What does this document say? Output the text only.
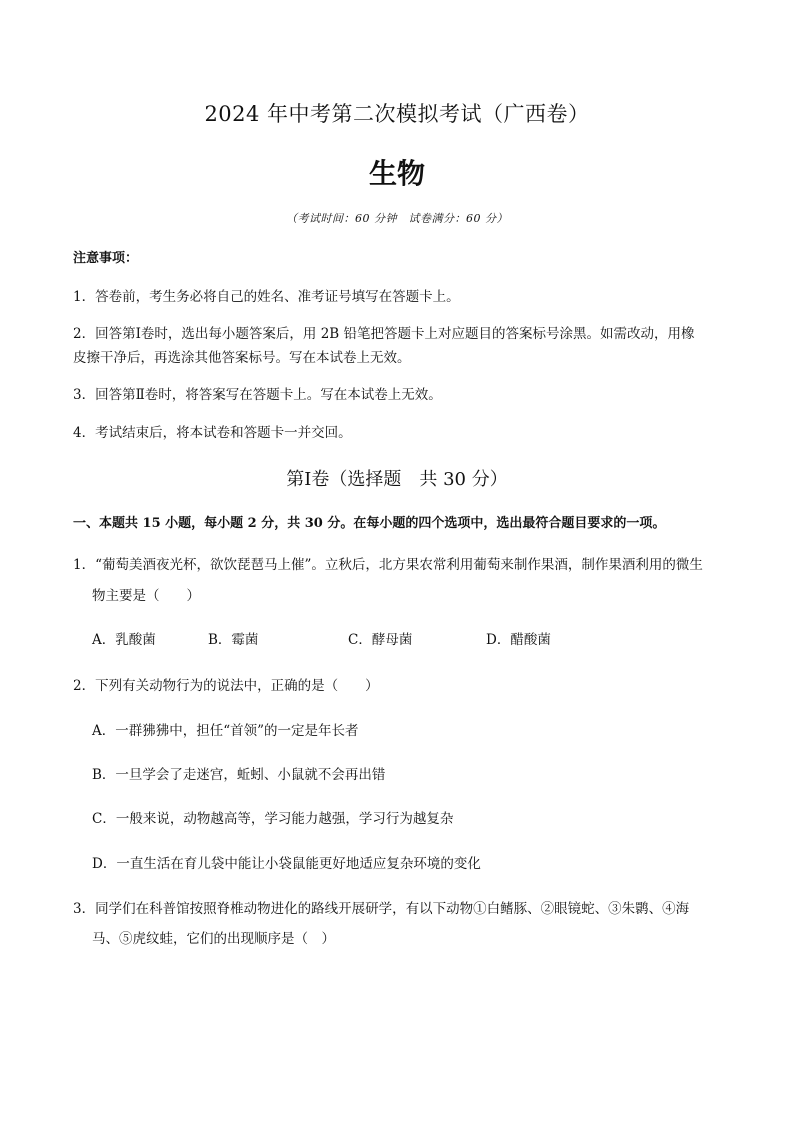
2024 年中考第二次模拟考试（广西卷）
生物
（考试时间：60 分钟　试卷满分：60 分）
注意事项：
1．答卷前，考生务必将自己的姓名、准考证号填写在答题卡上。
2．回答第Ⅰ卷时，选出每小题答案后，用 2B 铅笔把答题卡上对应题目的答案标号涂黑。如需改动，用橡
皮擦干净后，再选涂其他答案标号。写在本试卷上无效。
3．回答第Ⅱ卷时，将答案写在答题卡上。写在本试卷上无效。
4．考试结束后，将本试卷和答题卡一并交回。
第Ⅰ卷（选择题　共 30 分）
一、本题共 15 小题，每小题 2 分，共 30 分。在每小题的四个选项中，选出最符合题目要求的一项。
1．“葡萄美酒夜光杯，欲饮琵琶马上催”。立秋后，北方果农常利用葡萄来制作果酒，制作果酒利用的微生
物主要是（　　）
A．乳酸菌	B．霉菌	C．酵母菌	D．醋酸菌
2．下列有关动物行为的说法中，正确的是（　　）
A．一群狒狒中，担任“首领”的一定是年长者
B．一旦学会了走迷宫，蚯蚓、小鼠就不会再出错
C．一般来说，动物越高等，学习能力越强，学习行为越复杂
D．一直生活在育儿袋中能让小袋鼠能更好地适应复杂环境的变化
3．同学们在科普馆按照脊椎动物进化的路线开展研学，有以下动物①白鳍豚、②眼镜蛇、③朱鹮、④海
马、⑤虎纹蛙，它们的出现顺序是（　）
